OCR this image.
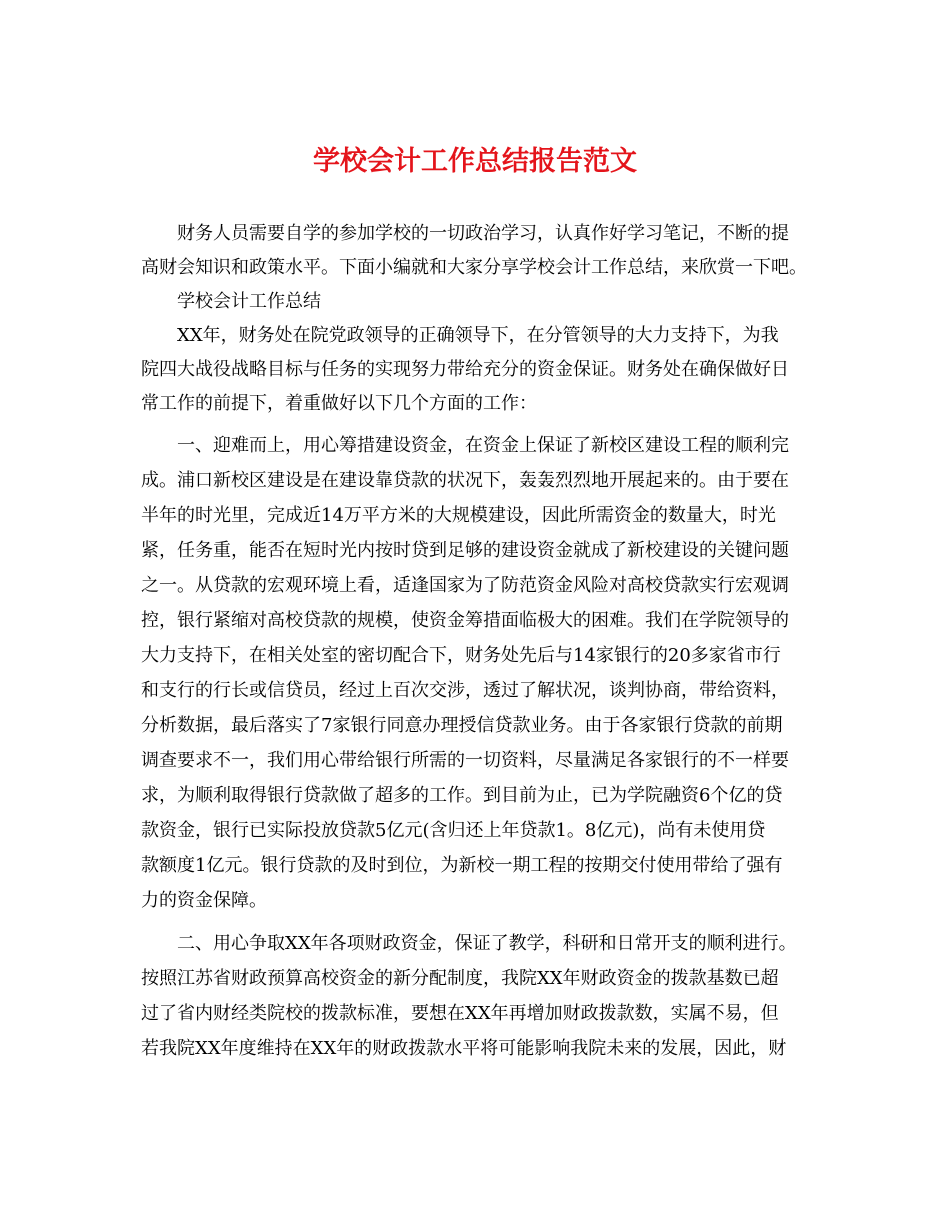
学校会计工作总结报告范文

财务人员需要自学的参加学校的一切政治学习，认真作好学习笔记，不断的提

高财会知识和政策水平。下面小编就和大家分享学校会计工作总结，来欣赏一下吧。

学校会计工作总结

XX年，财务处在院党政领导的正确领导下，在分管领导的大力支持下，为我

院四大战役战略目标与任务的实现努力带给充分的资金保证。财务处在确保做好日

常工作的前提下，着重做好以下几个方面的工作：

一、迎难而上，用心筹措建设资金，在资金上保证了新校区建设工程的顺利完

成。浦口新校区建设是在建设靠贷款的状况下，轰轰烈烈地开展起来的。由于要在

半年的时光里，完成近14万平方米的大规模建设，因此所需资金的数量大，时光

紧，任务重，能否在短时光内按时贷到足够的建设资金就成了新校建设的关键问题

之一。从贷款的宏观环境上看，适逢国家为了防范资金风险对高校贷款实行宏观调

控，银行紧缩对高校贷款的规模，使资金筹措面临极大的困难。我们在学院领导的

大力支持下，在相关处室的密切配合下，财务处先后与14家银行的20多家省市行

和支行的行长或信贷员，经过上百次交涉，透过了解状况，谈判协商，带给资料，

分析数据，最后落实了7家银行同意办理授信贷款业务。由于各家银行贷款的前期

调查要求不一，我们用心带给银行所需的一切资料，尽量满足各家银行的不一样要

求，为顺利取得银行贷款做了超多的工作。到目前为止，已为学院融资6个亿的贷

款资金，银行已实际投放贷款5亿元(含归还上年贷款1。8亿元)，尚有未使用贷

款额度1亿元。银行贷款的及时到位，为新校一期工程的按期交付使用带给了强有

力的资金保障。

二、用心争取XX年各项财政资金，保证了教学，科研和日常开支的顺利进行。

按照江苏省财政预算高校资金的新分配制度，我院XX年财政资金的拨款基数已超

过了省内财经类院校的拨款标准，要想在XX年再增加财政拨款数，实属不易，但

若我院XX年度维持在XX年的财政拨款水平将可能影响我院未来的发展，因此，财
